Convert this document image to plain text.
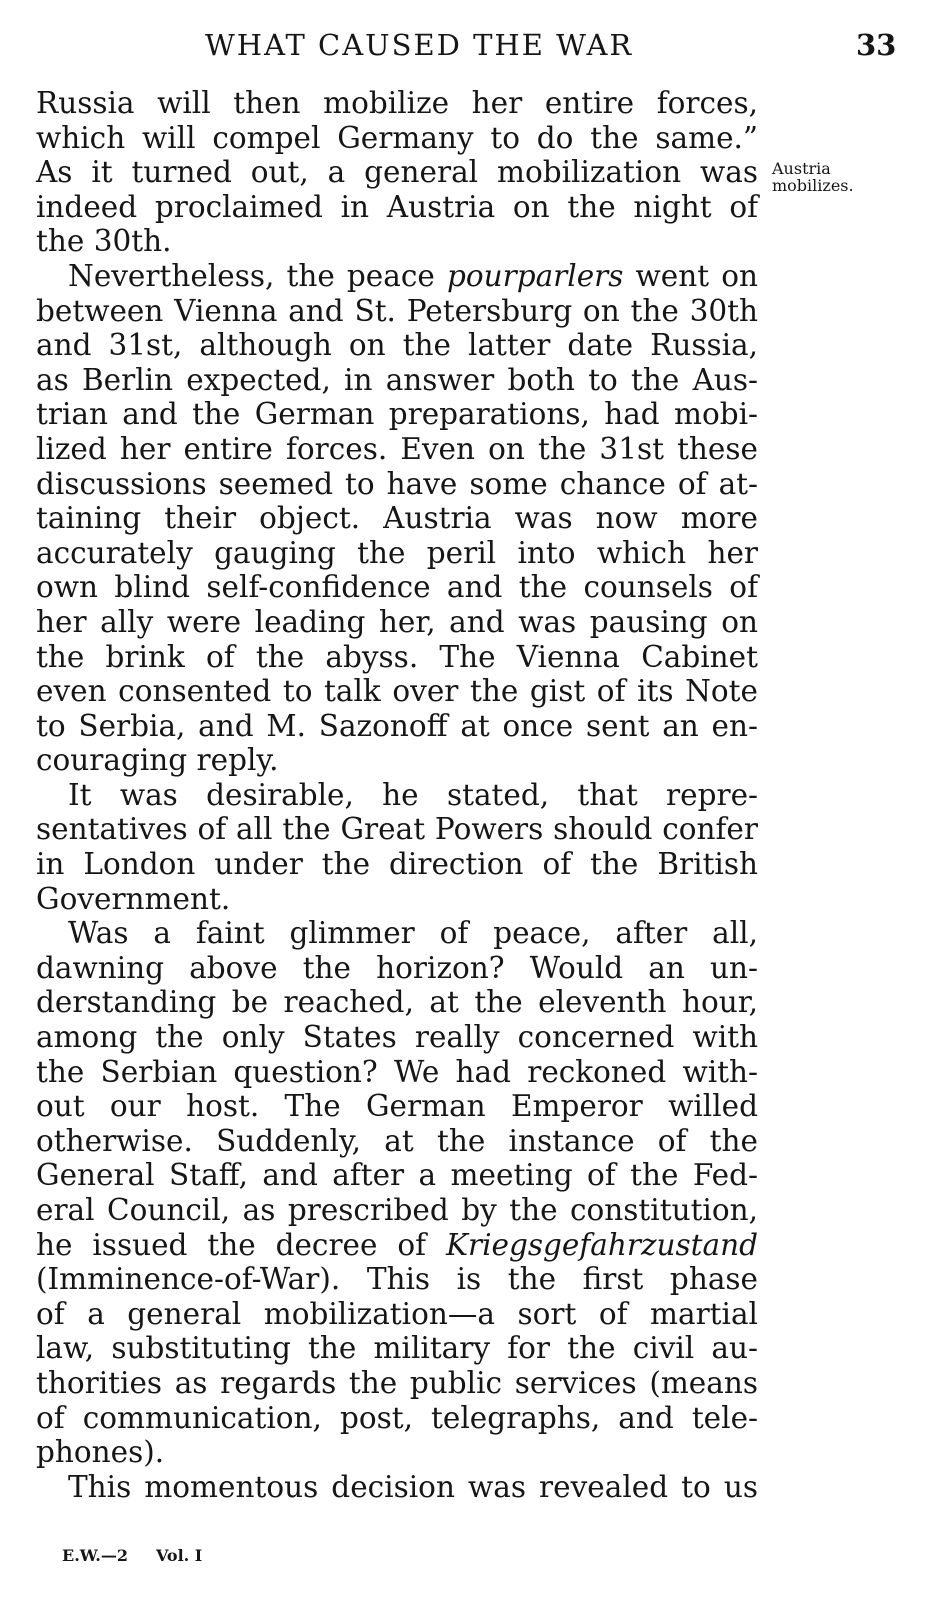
WHAT CAUSED THE WAR	33
Austria
mobilizes.
Russia will then mobilize her entire forces,
which will compel Germany to do the same.”
As it turned out, a general mobilization was
indeed proclaimed in Austria on the night of
the 30th.
Nevertheless, the peace pourparlers went on
between Vienna and St. Petersburg on the 30th
and 31st, although on the latter date Russia,
as Berlin expected, in answer both to the Aus-
trian and the German preparations, had mobi-
lized her entire forces. Even on the 31st these
discussions seemed to have some chance of at-
taining their object. Austria was now more
accurately gauging the peril into which her
own blind self-confidence and the counsels of
her ally were leading her, and was pausing on
the brink of the abyss. The Vienna Cabinet
even consented to talk over the gist of its Note
to Serbia, and M. Sazonoff at once sent an en-
couraging reply.
It was desirable, he stated, that repre-
sentatives of all the Great Powers should confer
in London under the direction of the British
Government.
Was a faint glimmer of peace, after all,
dawning above the horizon? Would an un-
derstanding be reached, at the eleventh hour,
among the only States really concerned with
the Serbian question? We had reckoned with-
out our host. The German Emperor willed
otherwise. Suddenly, at the instance of the
General Staff, and after a meeting of the Fed-
eral Council, as prescribed by the constitution,
he issued the decree of Kriegsgefahrzustand
(Imminence-of-War). This is the first phase
of a general mobilization—a sort of martial
law, substituting the military for the civil au-
thorities as regards the public services (means
of communication, post, telegraphs, and tele-
phones).
This momentous decision was revealed to us
E.W.—2 Vol. I
